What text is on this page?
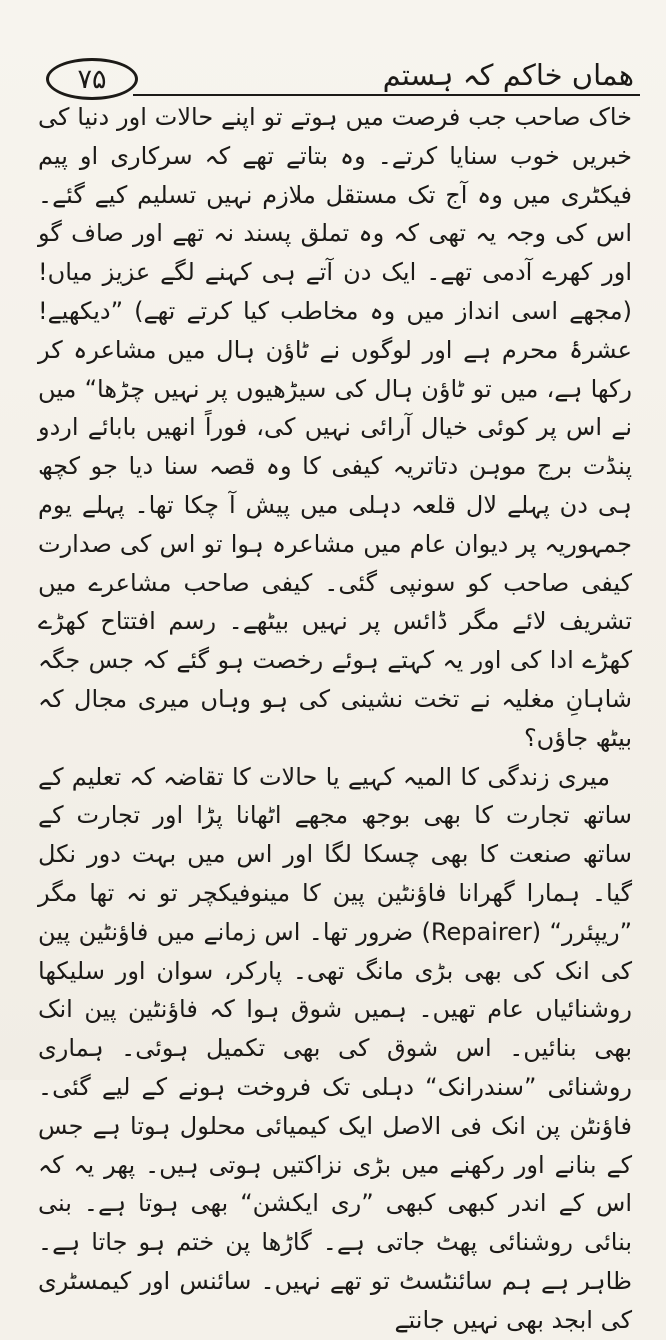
۷۵	هماں خاکم کہ ہستم

خاک صاحب جب فرصت میں ہوتے تو اپنے حالات اور دنیا کی خبریں خوب سنایا کرتے۔ وہ بتاتے تھے کہ سرکاری او پیم فیکٹری میں وہ آج تک مستقل ملازم نہیں تسلیم کیے گئے۔ اس کی وجہ یہ تھی کہ وہ تملق پسند نہ تھے اور صاف گو اور کھرے آدمی تھے۔ ایک دن آتے ہی کہنے لگے عزیز میاں! (مجھے اسی انداز میں وہ مخاطب کیا کرتے تھے) ”دیکھیے! عشرۂ محرم ہے اور لوگوں نے ٹاؤن ہال میں مشاعرہ کر رکھا ہے، میں تو ٹاؤن ہال کی سیڑھیوں پر نہیں چڑھا“ میں نے اس پر کوئی خیال آرائی نہیں کی، فوراً انھیں بابائے اردو پنڈت برج موہن دتاتریہ کیفی کا وہ قصہ سنا دیا جو کچھ ہی دن پہلے لال قلعہ دہلی میں پیش آ چکا تھا۔ پہلے یوم جمہوریہ پر دیوان عام میں مشاعرہ ہوا تو اس کی صدارت کیفی صاحب کو سونپی گئی۔ کیفی صاحب مشاعرے میں تشریف لائے مگر ڈائس پر نہیں بیٹھے۔ رسم افتتاح کھڑے کھڑے ادا کی اور یہ کہتے ہوئے رخصت ہو گئے کہ جس جگہ شاہانِ مغلیہ نے تخت نشینی کی ہو وہاں میری مجال کہ بیٹھ جاؤں؟

میری زندگی کا المیہ کہیے یا حالات کا تقاضہ کہ تعلیم کے ساتھ تجارت کا بھی بوجھ مجھے اٹھانا پڑا اور تجارت کے ساتھ صنعت کا بھی چسکا لگا اور اس میں بہت دور نکل گیا۔ ہمارا گھرانا فاؤنٹین پین کا مینوفیکچر تو نہ تھا مگر ”ریپئرر“ (Repairer) ضرور تھا۔ اس زمانے میں فاؤنٹین پین کی انک کی بھی بڑی مانگ تھی۔ پارکر، سوان اور سلیکھا روشنائیاں عام تھیں۔ ہمیں شوق ہوا کہ فاؤنٹین پین انک بھی بنائیں۔ اس شوق کی بھی تکمیل ہوئی۔ ہماری روشنائی ”سندرانک“ دہلی تک فروخت ہونے کے لیے گئی۔ فاؤنٹن پن انک فی الاصل ایک کیمیائی محلول ہوتا ہے جس کے بنانے اور رکھنے میں بڑی نزاکتیں ہوتی ہیں۔ پھر یہ کہ اس کے اندر کبھی کبھی ”ری ایکشن“ بھی ہوتا ہے۔ بنی بنائی روشنائی پھٹ جاتی ہے۔ گاڑھا پن ختم ہو جاتا ہے۔ ظاہر ہے ہم سائنٹسٹ تو تھے نہیں۔ سائنس اور کیمسٹری کی ابجد بھی نہیں جانتے
